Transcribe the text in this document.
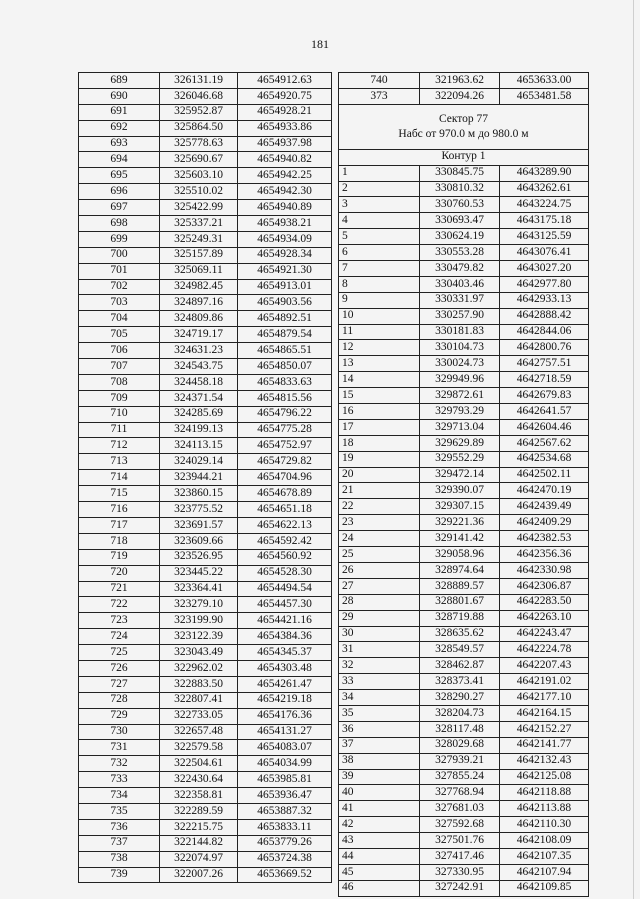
181
689	326131.19	4654912.63
690	326046.68	4654920.75
691	325952.87	4654928.21
692	325864.50	4654933.86
693	325778.63	4654937.98
694	325690.67	4654940.82
695	325603.10	4654942.25
696	325510.02	4654942.30
697	325422.99	4654940.89
698	325337.21	4654938.21
699	325249.31	4654934.09
700	325157.89	4654928.34
701	325069.11	4654921.30
702	324982.45	4654913.01
703	324897.16	4654903.56
704	324809.86	4654892.51
705	324719.17	4654879.54
706	324631.23	4654865.51
707	324543.75	4654850.07
708	324458.18	4654833.63
709	324371.54	4654815.56
710	324285.69	4654796.22
711	324199.13	4654775.28
712	324113.15	4654752.97
713	324029.14	4654729.82
714	323944.21	4654704.96
715	323860.15	4654678.89
716	323775.52	4654651.18
717	323691.57	4654622.13
718	323609.66	4654592.42
719	323526.95	4654560.92
720	323445.22	4654528.30
721	323364.41	4654494.54
722	323279.10	4654457.30
723	323199.90	4654421.16
724	323122.39	4654384.36
725	323043.49	4654345.37
726	322962.02	4654303.48
727	322883.50	4654261.47
728	322807.41	4654219.18
729	322733.05	4654176.36
730	322657.48	4654131.27
731	322579.58	4654083.07
732	322504.61	4654034.99
733	322430.64	4653985.81
734	322358.81	4653936.47
735	322289.59	4653887.32
736	322215.75	4653833.11
737	322144.82	4653779.26
738	322074.97	4653724.38
739	322007.26	4653669.52
740	321963.62	4653633.00
373	322094.26	4653481.58

Сектор 77
Набс от 970.0 м до 980.0 м		

Контур 1		
1	330845.75	4643289.90
2	330810.32	4643262.61
3	330760.53	4643224.75
4	330693.47	4643175.18
5	330624.19	4643125.59
6	330553.28	4643076.41
7	330479.82	4643027.20
8	330403.46	4642977.80
9	330331.97	4642933.13
10	330257.90	4642888.42
11	330181.83	4642844.06
12	330104.73	4642800.76
13	330024.73	4642757.51
14	329949.96	4642718.59
15	329872.61	4642679.83
16	329793.29	4642641.57
17	329713.04	4642604.46
18	329629.89	4642567.62
19	329552.29	4642534.68
20	329472.14	4642502.11
21	329390.07	4642470.19
22	329307.15	4642439.49
23	329221.36	4642409.29
24	329141.42	4642382.53
25	329058.96	4642356.36
26	328974.64	4642330.98
27	328889.57	4642306.87
28	328801.67	4642283.50
29	328719.88	4642263.10
30	328635.62	4642243.47
31	328549.57	4642224.78
32	328462.87	4642207.43
33	328373.41	4642191.02
34	328290.27	4642177.10
35	328204.73	4642164.15
36	328117.48	4642152.27
37	328029.68	4642141.77
38	327939.21	4642132.43
39	327855.24	4642125.08
40	327768.94	4642118.88
41	327681.03	4642113.88
42	327592.68	4642110.30
43	327501.76	4642108.09
44	327417.46	4642107.35
45	327330.95	4642107.94
46	327242.91	4642109.85
